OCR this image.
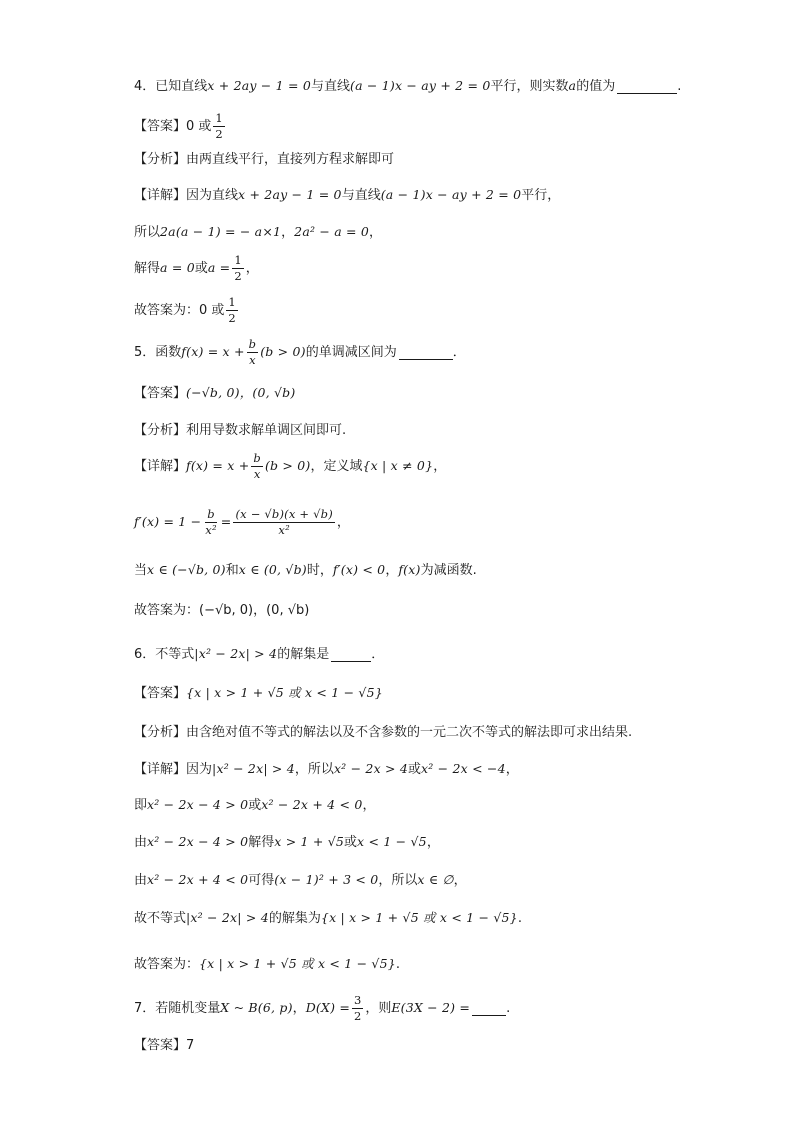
4． 已知直线 x + 2ay − 1 = 0 与直线 (a − 1)x − ay + 2 = 0 平行，则实数 a 的值为	.
【答案】 0 或 $\frac{1}{2}$
【分析】 由两直线平行，直接列方程求解即可
【详解】 因为直线 x + 2ay − 1 = 0 与直线 (a − 1)x − ay + 2 = 0 平行，
所以 2a(a − 1) = − a×1 ， 2a² − a = 0 ，
解得 a = 0 或 $a = \frac{1}{2}$ ，
故答案为：0 或 $\frac{1}{2}$
5． 函数 $f(x) = x + \frac{b}{x} (b > 0)$ 的单调减区间为	．
【答案】 (−√b, 0)，(0, √b)
【分析】 利用导数求解单调区间即可.
【详解】 $f(x) = x + \frac{b}{x} (b > 0)$ ，定义域 {x | x ≠ 0} ，
$f'(x) = 1 - \frac{b}{\text{x²}} = \frac{(x - √b)(x + √b)}{\text{x²}}$ ，
当 x ∈ (−√b, 0) 和 x ∈ (0, √b) 时， f′(x) < 0 ， f(x) 为减函数.
故答案为：(−√b, 0)，(0, √b)
6． 不等式 |x² − 2x| > 4 的解集是	．
【答案】 {x | x > 1 + √5 或 x < 1 − √5}
【分析】 由含绝对值不等式的解法以及不含参数的一元二次不等式的解法即可求出结果.
【详解】 因为 |x² − 2x| > 4 ，所以 x² − 2x > 4 或 x² − 2x < −4 ，
即 x² − 2x − 4 > 0 或 x² − 2x + 4 < 0 ，
由 x² − 2x − 4 > 0 解得 x > 1 + √5 或 x < 1 − √5 ，
由 x² − 2x + 4 < 0 可得 (x − 1)² + 3 < 0 ，所以 x ∈ ∅ ，
故不等式 |x² − 2x| > 4 的解集为 {x | x > 1 + √5 或 x < 1 − √5} .
故答案为： {x | x > 1 + √5 或 x < 1 − √5} .
7． 若随机变量 X ~ B(6, p) ， $D(X) = \frac{3}{2}$ ，则 E(3X − 2) =	.
【答案】 7
